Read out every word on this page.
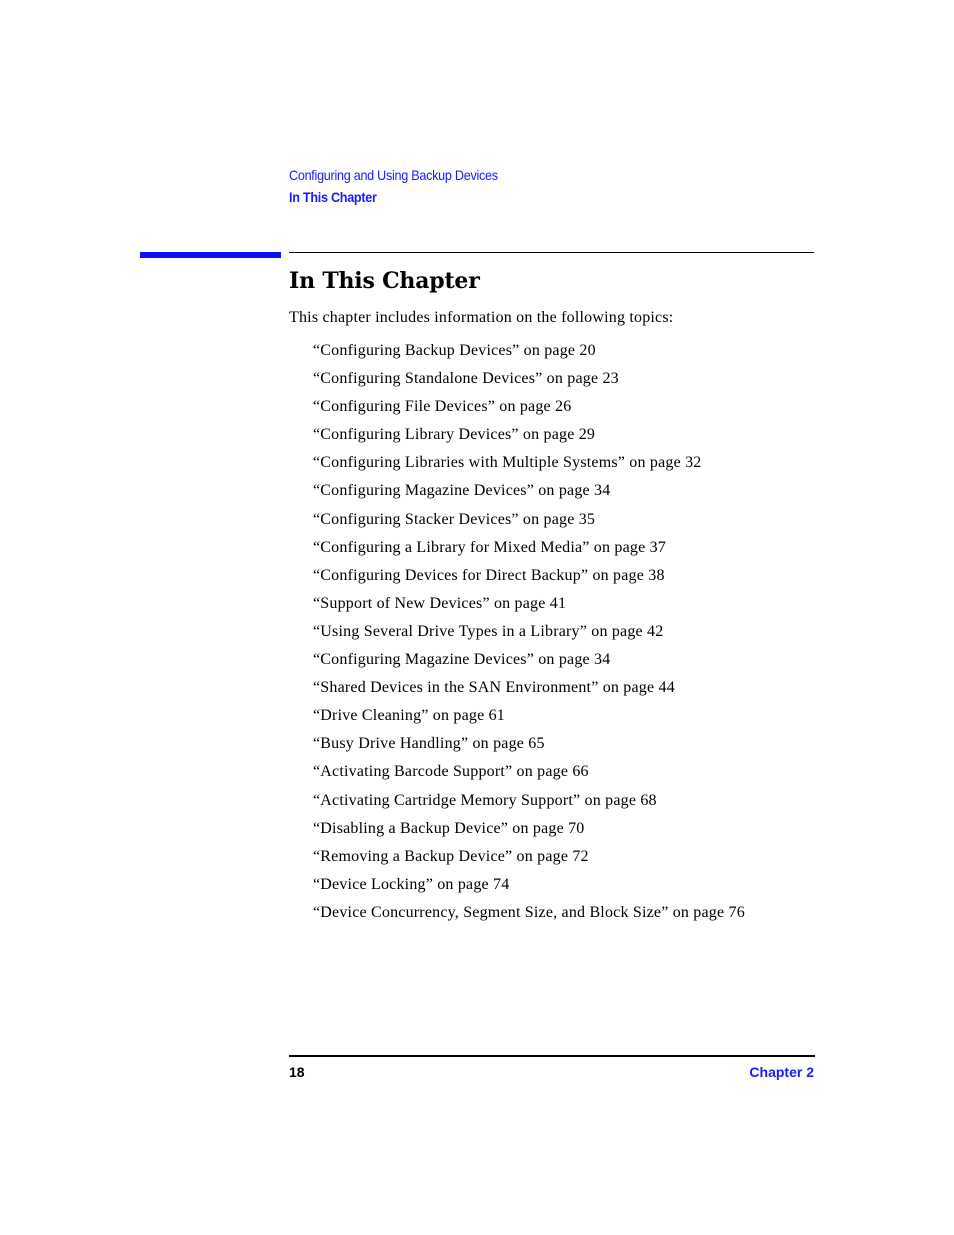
Configuring and Using Backup Devices
In This Chapter
In This Chapter

This chapter includes information on the following topics:

“Configuring Backup Devices” on page 20
“Configuring Standalone Devices” on page 23
“Configuring File Devices” on page 26
“Configuring Library Devices” on page 29
“Configuring Libraries with Multiple Systems” on page 32
“Configuring Magazine Devices” on page 34
“Configuring Stacker Devices” on page 35
“Configuring a Library for Mixed Media” on page 37
“Configuring Devices for Direct Backup” on page 38
“Support of New Devices” on page 41
“Using Several Drive Types in a Library” on page 42
“Configuring Magazine Devices” on page 34
“Shared Devices in the SAN Environment” on page 44
“Drive Cleaning” on page 61
“Busy Drive Handling” on page 65
“Activating Barcode Support” on page 66
“Activating Cartridge Memory Support” on page 68
“Disabling a Backup Device” on page 70
“Removing a Backup Device” on page 72
“Device Locking” on page 74
“Device Concurrency, Segment Size, and Block Size” on page 76
18	Chapter 2
